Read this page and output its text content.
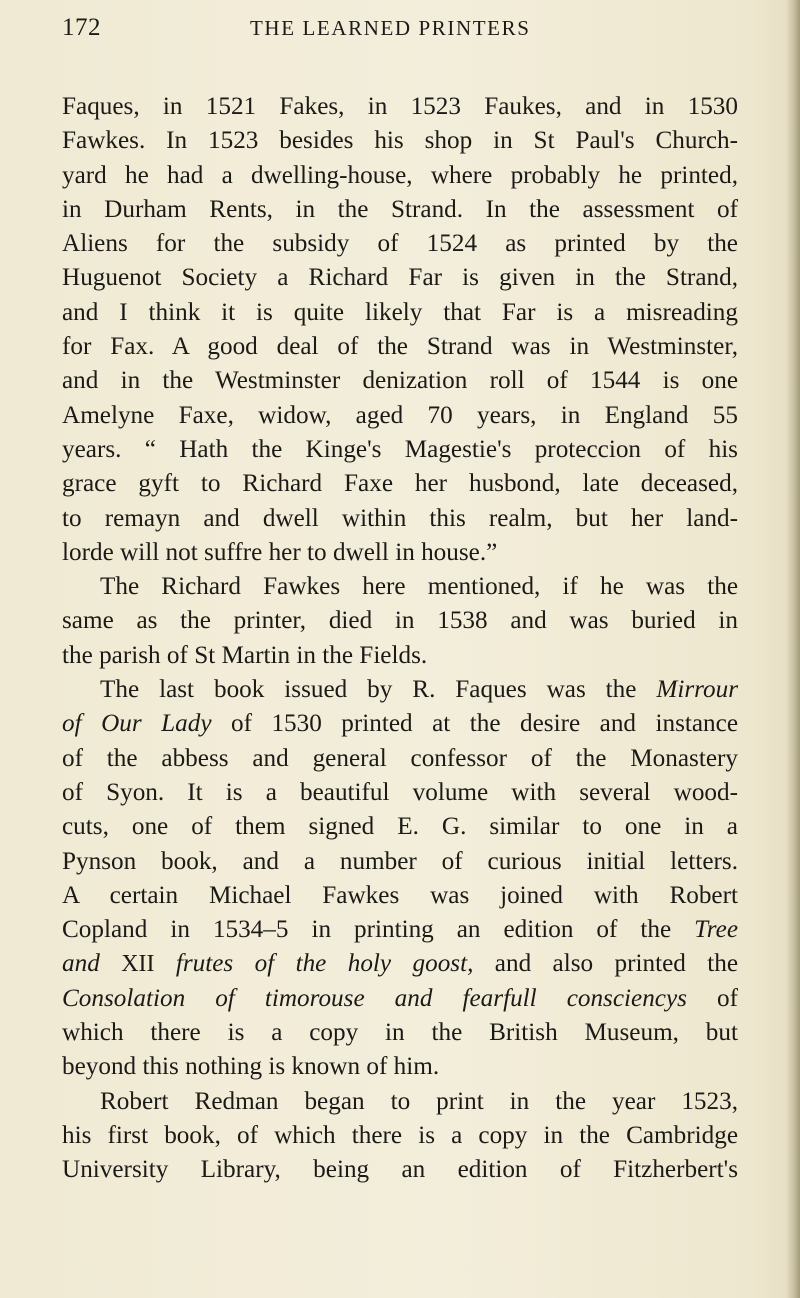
172	THE LEARNED PRINTERS
Faques, in 1521 Fakes, in 1523 Faukes, and in 1530
Fawkes. In 1523 besides his shop in St Paul's Church-
yard he had a dwelling-house, where probably he printed,
in Durham Rents, in the Strand. In the assessment of
Aliens for the subsidy of 1524 as printed by the
Huguenot Society a Richard Far is given in the Strand,
and I think it is quite likely that Far is a misreading
for Fax. A good deal of the Strand was in Westminster,
and in the Westminster denization roll of 1544 is one
Amelyne Faxe, widow, aged 70 years, in England 55
years. “ Hath the Kinge's Magestie's proteccion of his
grace gyft to Richard Faxe her husbond, late deceased,
to remayn and dwell within this realm, but her land-
lorde will not suffre her to dwell in house.”
The Richard Fawkes here mentioned, if he was the
same as the printer, died in 1538 and was buried in
the parish of St Martin in the Fields.
The last book issued by R. Faques was the Mirrour
of Our Lady of 1530 printed at the desire and instance
of the abbess and general confessor of the Monastery
of Syon. It is a beautiful volume with several wood-
cuts, one of them signed E. G. similar to one in a
Pynson book, and a number of curious initial letters.
A certain Michael Fawkes was joined with Robert
Copland in 1534–5 in printing an edition of the Tree
and XII frutes of the holy goost, and also printed the
Consolation of timorouse and fearfull consciencys of
which there is a copy in the British Museum, but
beyond this nothing is known of him.
Robert Redman began to print in the year 1523,
his first book, of which there is a copy in the Cambridge
University Library, being an edition of Fitzherbert's
